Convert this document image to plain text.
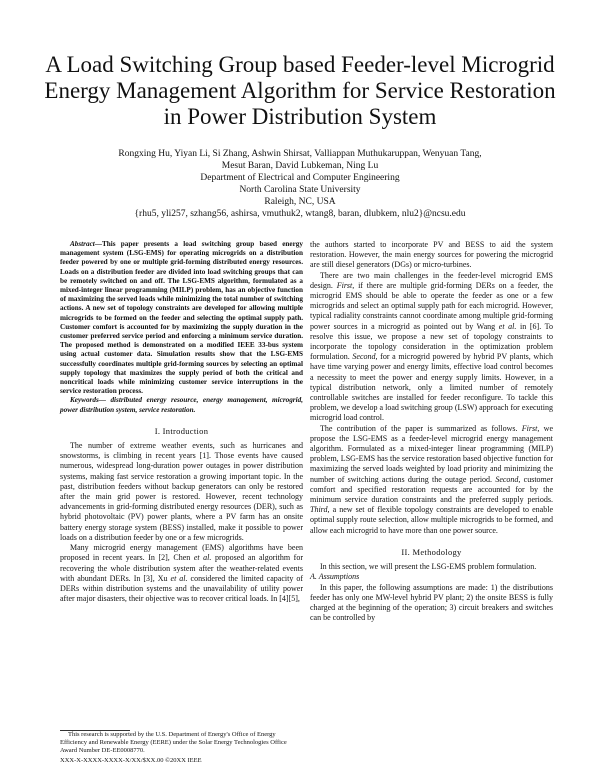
A Load Switching Group based Feeder-level Microgrid Energy Management Algorithm for Service Restoration in Power Distribution System
Rongxing Hu, Yiyan Li, Si Zhang, Ashwin Shirsat, Valliappan Muthukaruppan, Wenyuan Tang,
Mesut Baran, David Lubkeman, Ning Lu
Department of Electrical and Computer Engineering
North Carolina State University
Raleigh, NC, USA
{rhu5, yli257, szhang56, ashirsa, vmuthuk2, wtang8, baran, dlubkem, nlu2}@ncsu.edu

Abstract—This paper presents a load switching group based energy management system (LSG-EMS) for operating microgrids on a distribution feeder powered by one or multiple grid-forming distributed energy resources. Loads on a distribution feeder are divided into load switching groups that can be remotely switched on and off. The LSG-EMS algorithm, formulated as a mixed-integer linear programming (MILP) problem, has an objective function of maximizing the served loads while minimizing the total number of switching actions. A new set of topology constraints are developed for allowing multiple microgrids to be formed on the feeder and selecting the optimal supply path. Customer comfort is accounted for by maximizing the supply duration in the customer preferred service period and enforcing a minimum service duration. The proposed method is demonstrated on a modified IEEE 33-bus system using actual customer data. Simulation results show that the LSG-EMS successfully coordinates multiple grid-forming sources by selecting an optimal supply topology that maximizes the supply period of both the critical and noncritical loads while minimizing customer service interruptions in the service restoration process.

Keywords— distributed energy resource, energy management, microgrid, power distribution system, service restoration.

I. Introduction

The number of extreme weather events, such as hurricanes and snowstorms, is climbing in recent years [1]. Those events have caused numerous, widespread long-duration power outages in power distribution systems, making fast service restoration a growing important topic. In the past, distribution feeders without backup generators can only be restored after the main grid power is restored. However, recent technology advancements in grid-forming distributed energy resources (DER), such as hybrid photovoltaic (PV) power plants, where a PV farm has an onsite battery energy storage system (BESS) installed, make it possible to power loads on a distribution feeder by one or a few microgrids.

Many microgrid energy management (EMS) algorithms have been proposed in recent years. In [2], Chen et al. proposed an algorithm for recovering the whole distribution system after the weather-related events with abundant DERs. In [3], Xu et al. considered the limited capacity of DERs within distribution systems and the unavailability of utility power after major disasters, their objective was to recover critical loads. In [4][5],

the authors started to incorporate PV and BESS to aid the system restoration. However, the main energy sources for powering the microgrid are still diesel generators (DGs) or micro-turbines.

There are two main challenges in the feeder-level microgrid EMS design. First, if there are multiple grid-forming DERs on a feeder, the microgrid EMS should be able to operate the feeder as one or a few microgrids and select an optimal supply path for each microgrid. However, typical radiality constraints cannot coordinate among multiple grid-forming power sources in a microgrid as pointed out by Wang et al. in [6]. To resolve this issue, we propose a new set of topology constraints to incorporate the topology consideration in the optimization problem formulation. Second, for a microgrid powered by hybrid PV plants, which have time varying power and energy limits, effective load control becomes a necessity to meet the power and energy supply limits. However, in a typical distribution network, only a limited number of remotely controllable switches are installed for feeder reconfigure. To tackle this problem, we develop a load switching group (LSW) approach for executing microgrid load control.

The contribution of the paper is summarized as follows. First, we propose the LSG-EMS as a feeder-level microgrid energy management algorithm. Formulated as a mixed-integer linear programming (MILP) problem, LSG-EMS has the service restoration based objective function for maximizing the served loads weighted by load priority and minimizing the number of switching actions during the outage period. Second, customer comfort and specified restoration requests are accounted for by the minimum service duration constraints and the preferred supply periods. Third, a new set of flexible topology constraints are developed to enable optimal supply route selection, allow multiple microgrids to be formed, and allow each microgrid to have more than one power source.

II. Methodology

In this section, we will present the LSG-EMS problem formulation.

A. Assumptions

In this paper, the following assumptions are made: 1) the distributions feeder has only one MW-level hybrid PV plant; 2) the onsite BESS is fully charged at the beginning of the operation; 3) circuit breakers and switches can be controlled by

This research is supported by the U.S. Department of Energy's Office of Energy Efficiency and Renewable Energy (EERE) under the Solar Energy Technologies Office Award Number DE-EE0008770.

XXX-X-XXXX-XXXX-X/XX/$XX.00 ©20XX IEEE
